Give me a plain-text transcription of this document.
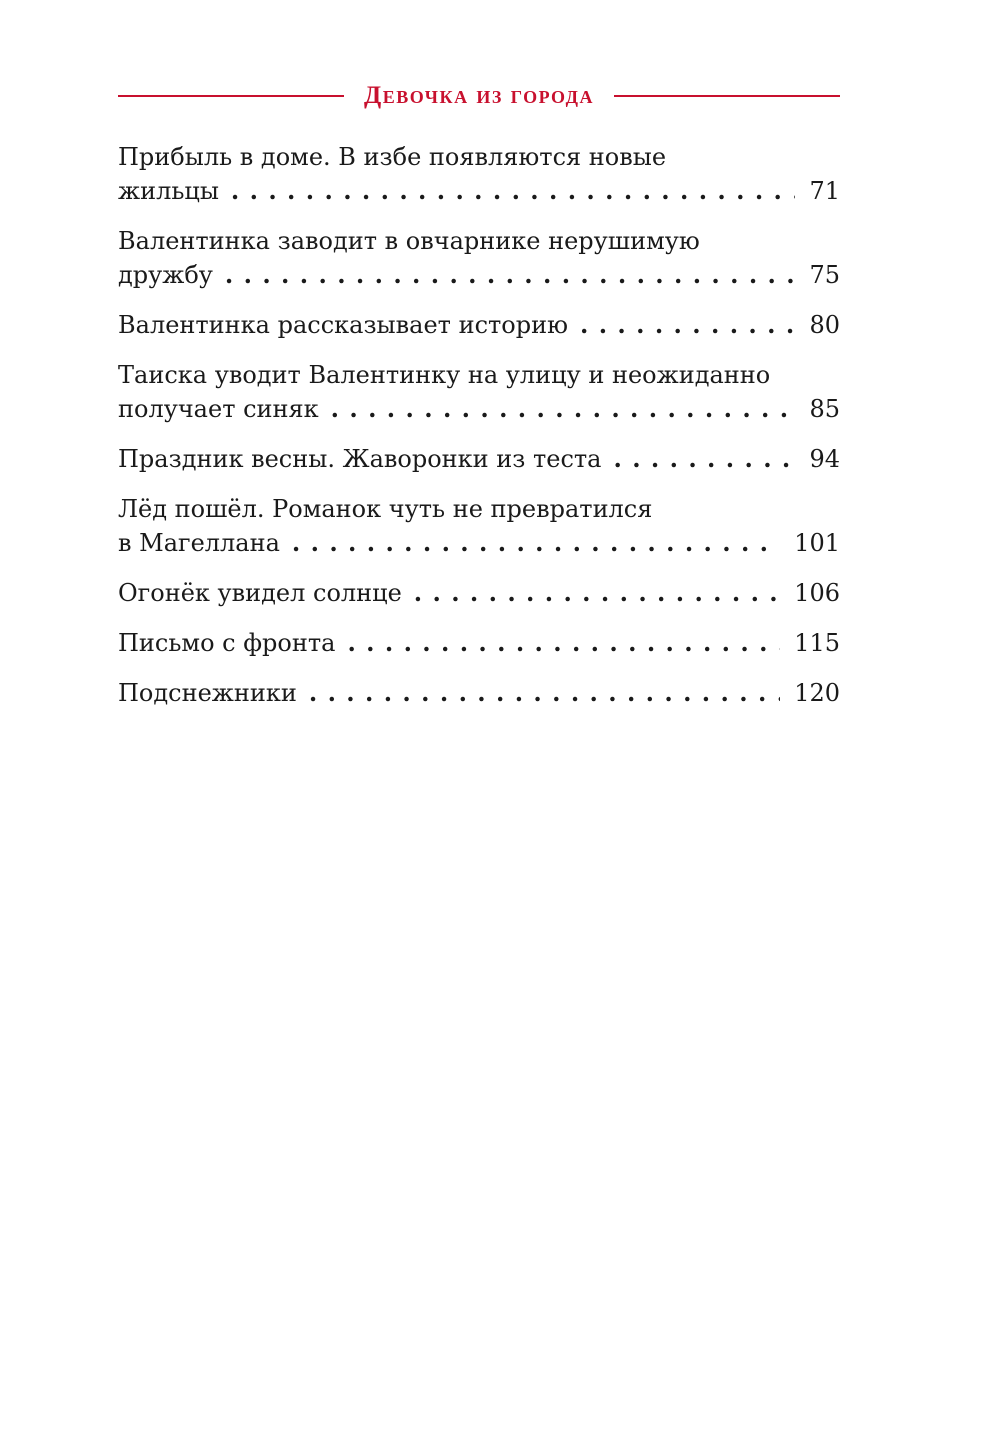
Девочка из города
Прибыль в доме. В избе появляются новые
жильцы . . .	71
Валентинка заводит в овчарнике нерушимую
дружбу . . .	75
Валентинка рассказывает историю . . .	80
Таиска уводит Валентинку на улицу и неожиданно
получает синяк . . .	85
Праздник весны. Жаворонки из теста . . .	94
Лёд пошёл. Романок чуть не превратился
в Магеллана . . .	101
Огонёк увидел солнце . . .	106
Письмо с фронта . . .	115
Подснежники . . .	120
